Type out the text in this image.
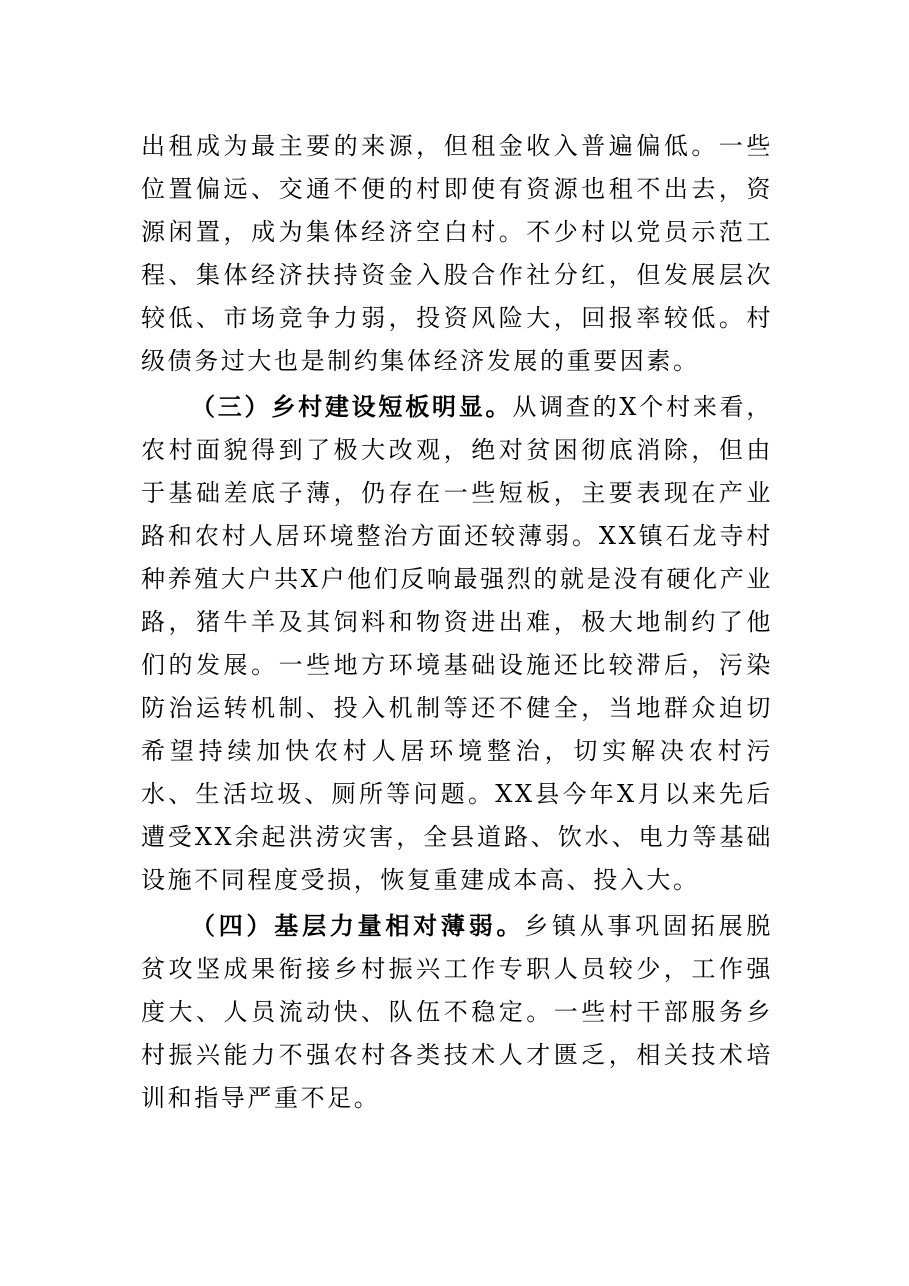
出租成为最主要的来源，但租金收入普遍偏低。一些位置偏远、交通不便的村即使有资源也租不出去，资源闲置，成为集体经济空白村。不少村以党员示范工程、集体经济扶持资金入股合作社分红，但发展层次较低、市场竞争力弱，投资风险大，回报率较低。村级债务过大也是制约集体经济发展的重要因素。

（三）乡村建设短板明显。从调查的X个村来看，农村面貌得到了极大改观，绝对贫困彻底消除，但由于基础差底子薄，仍存在一些短板，主要表现在产业路和农村人居环境整治方面还较薄弱。XX镇石龙寺村种养殖大户共X户他们反响最强烈的就是没有硬化产业路，猪牛羊及其饲料和物资进出难，极大地制约了他们的发展。一些地方环境基础设施还比较滞后，污染防治运转机制、投入机制等还不健全，当地群众迫切希望持续加快农村人居环境整治，切实解决农村污水、生活垃圾、厕所等问题。XX县今年X月以来先后遭受XX余起洪涝灾害，全县道路、饮水、电力等基础设施不同程度受损，恢复重建成本高、投入大。

（四）基层力量相对薄弱。乡镇从事巩固拓展脱贫攻坚成果衔接乡村振兴工作专职人员较少，工作强度大、人员流动快、队伍不稳定。一些村干部服务乡村振兴能力不强农村各类技术人才匮乏，相关技术培训和指导严重不足。
